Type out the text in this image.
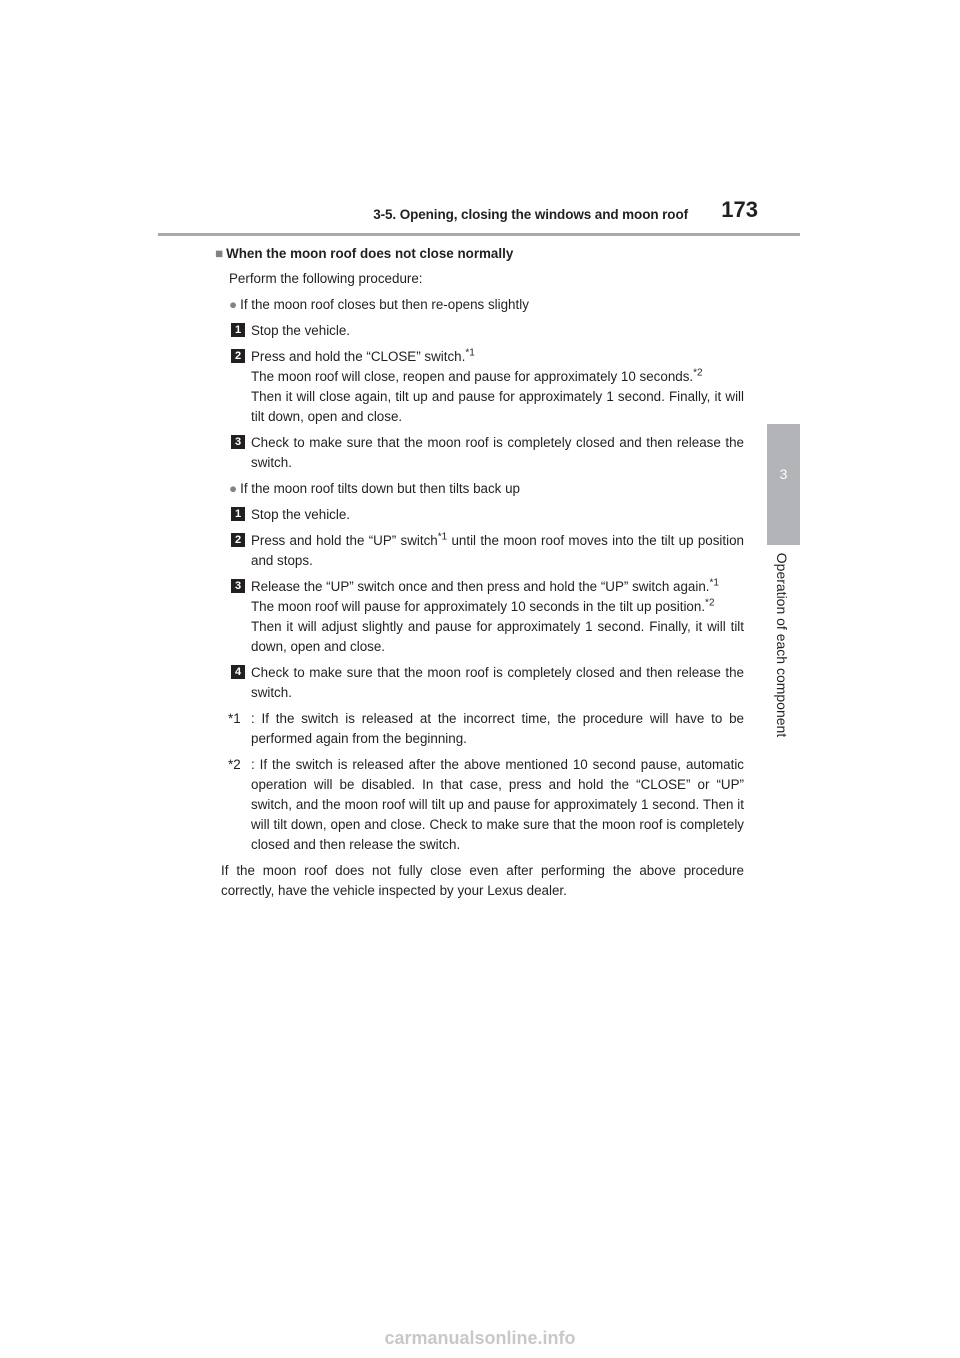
3-5. Opening, closing the windows and moon roof 173
3
Operation of each component
■ When the moon roof does not close normally
Perform the following procedure:
● If the moon roof closes but then re-opens slightly
1 Stop the vehicle.
2 Press and hold the “CLOSE” switch.$^{*1}$
The moon roof will close, reopen and pause for approximately 10 seconds.$^{*2}$
Then it will close again, tilt up and pause for approximately 1 second. Finally, it will tilt down, open and close.
3 Check to make sure that the moon roof is completely closed and then release the switch.
● If the moon roof tilts down but then tilts back up
1 Stop the vehicle.
2 Press and hold the “UP” switch$^{*1}$ until the moon roof moves into the tilt up position and stops.
3 Release the “UP” switch once and then press and hold the “UP” switch again.$^{*1}$
The moon roof will pause for approximately 10 seconds in the tilt up position.$^{*2}$
Then it will adjust slightly and pause for approximately 1 second. Finally, it will tilt down, open and close.
4 Check to make sure that the moon roof is completely closed and then release the switch.
*1 : If the switch is released at the incorrect time, the procedure will have to be performed again from the beginning.
*2 : If the switch is released after the above mentioned 10 second pause, automatic operation will be disabled. In that case, press and hold the “CLOSE” or “UP” switch, and the moon roof will tilt up and pause for approximately 1 second. Then it will tilt down, open and close. Check to make sure that the moon roof is completely closed and then release the switch.
If the moon roof does not fully close even after performing the above procedure correctly, have the vehicle inspected by your Lexus dealer.
carmanualsonline.info
